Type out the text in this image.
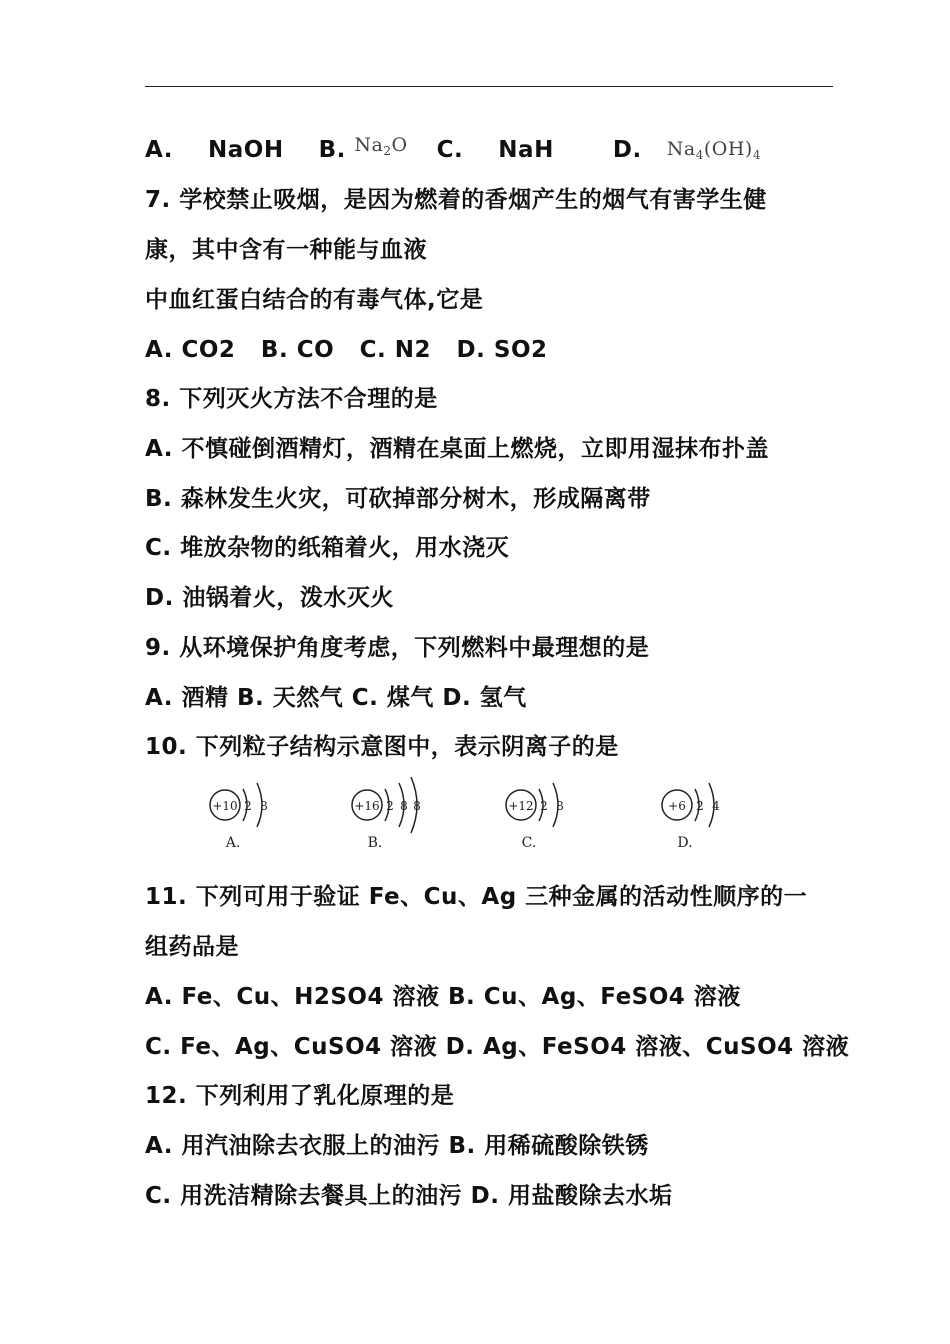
A. NaOH B. $^{Na_2O}$ C. NaH	D. $Na_4(OH)_4$
7. 学校禁止吸烟，是因为燃着的香烟产生的烟气有害学生健
康，其中含有一种能与血液
中血红蛋白结合的有毒气体,它是
A. CO2   B. CO   C. N2   D. SO2
8. 下列灭火方法不合理的是
A. 不慎碰倒酒精灯，酒精在桌面上燃烧，立即用湿抹布扑盖
B. 森林发生火灾，可砍掉部分树木，形成隔离带
C. 堆放杂物的纸箱着火，用水浇灭
D. 油锅着火，泼水灭火
9. 从环境保护角度考虑，下列燃料中最理想的是
A. 酒精 B. 天然气 C. 煤气 D. 氢气
10. 下列粒子结构示意图中，表示阴离子的是
+10 2 8
A.
+16 2 8 8
B.
+12 2 8
C.
+6 2 4
D.
11. 下列可用于验证 Fe、Cu、Ag 三种金属的活动性顺序的一
组药品是
A. Fe、Cu、H2SO4 溶液 B. Cu、Ag、FeSO4 溶液
C. Fe、Ag、CuSO4 溶液 D. Ag、FeSO4 溶液、CuSO4 溶液
12. 下列利用了乳化原理的是
A. 用汽油除去衣服上的油污 B. 用稀硫酸除铁锈
C. 用洗洁精除去餐具上的油污 D. 用盐酸除去水垢
